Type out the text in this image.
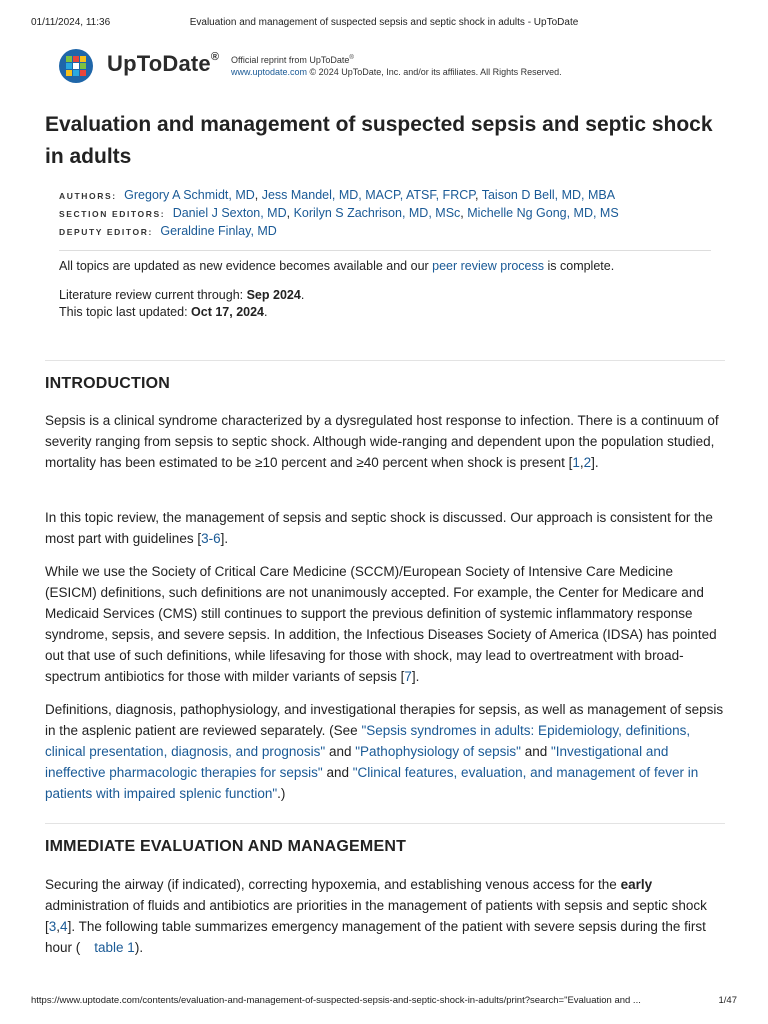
01/11/2024, 11:36	Evaluation and management of suspected sepsis and septic shock in adults - UpToDate
UpToDate® Official reprint from UpToDate®
www.uptodate.com © 2024 UpToDate, Inc. and/or its affiliates. All Rights Reserved.
Evaluation and management of suspected sepsis and septic shock in adults
AUTHORS: Gregory A Schmidt, MD, Jess Mandel, MD, MACP, ATSF, FRCP, Taison D Bell, MD, MBA
SECTION EDITORS: Daniel J Sexton, MD, Korilyn S Zachrison, MD, MSc, Michelle Ng Gong, MD, MS
DEPUTY EDITOR: Geraldine Finlay, MD
All topics are updated as new evidence becomes available and our peer review process is complete.
Literature review current through: Sep 2024.
This topic last updated: Oct 17, 2024.
INTRODUCTION

Sepsis is a clinical syndrome characterized by a dysregulated host response to infection. There is a continuum of severity ranging from sepsis to septic shock. Although wide-ranging and dependent upon the population studied, mortality has been estimated to be ≥10 percent and ≥40 percent when shock is present [1,2].

In this topic review, the management of sepsis and septic shock is discussed. Our approach is consistent for the most part with guidelines [3-6].

While we use the Society of Critical Care Medicine (SCCM)/European Society of Intensive Care Medicine (ESICM) definitions, such definitions are not unanimously accepted. For example, the Center for Medicare and Medicaid Services (CMS) still continues to support the previous definition of systemic inflammatory response syndrome, sepsis, and severe sepsis. In addition, the Infectious Diseases Society of America (IDSA) has pointed out that use of such definitions, while lifesaving for those with shock, may lead to overtreatment with broad-spectrum antibiotics for those with milder variants of sepsis [7].

Definitions, diagnosis, pathophysiology, and investigational therapies for sepsis, as well as management of sepsis in the asplenic patient are reviewed separately. (See "Sepsis syndromes in adults: Epidemiology, definitions, clinical presentation, diagnosis, and prognosis" and "Pathophysiology of sepsis" and "Investigational and ineffective pharmacologic therapies for sepsis" and "Clinical features, evaluation, and management of fever in patients with impaired splenic function".)

IMMEDIATE EVALUATION AND MANAGEMENT

Securing the airway (if indicated), correcting hypoxemia, and establishing venous access for the early administration of fluids and antibiotics are priorities in the management of patients with sepsis and septic shock [3,4]. The following table summarizes emergency management of the patient with severe sepsis during the first hour ( table 1).

https://www.uptodate.com/contents/evaluation-and-management-of-suspected-sepsis-and-septic-shock-in-adults/print?search="Evaluation and ...	1/47
